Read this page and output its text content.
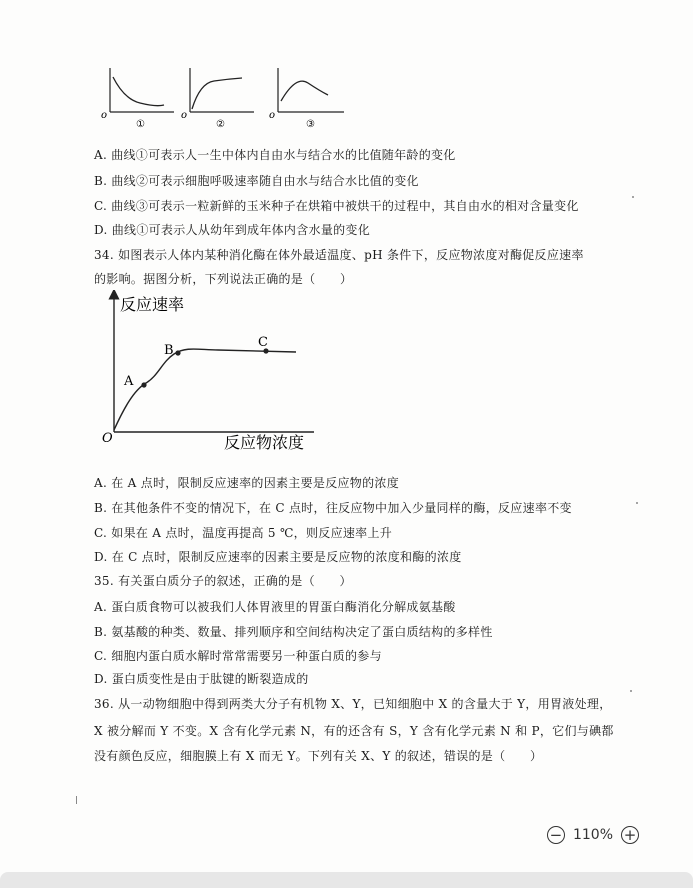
o
①
o
②
o
③
A. 曲线①可表示人一生中体内自由水与结合水的比值随年龄的变化
B. 曲线②可表示细胞呼吸速率随自由水与结合水比值的变化
C. 曲线③可表示一粒新鲜的玉米种子在烘箱中被烘干的过程中，其自由水的相对含量变化
D. 曲线①可表示人从幼年到成年体内含水量的变化
34. 如图表示人体内某种消化酶在体外最适温度、pH 条件下，反应物浓度对酶促反应速率
的影响。据图分析，下列说法正确的是（　　）
反应速率
反应物浓度
O
A
B
C
A. 在 A 点时，限制反应速率的因素主要是反应物的浓度
B. 在其他条件不变的情况下，在 C 点时，往反应物中加入少量同样的酶，反应速率不变
C. 如果在 A 点时，温度再提高 5 ℃，则反应速率上升
D. 在 C 点时，限制反应速率的因素主要是反应物的浓度和酶的浓度
35. 有关蛋白质分子的叙述，正确的是（　　）
A. 蛋白质食物可以被我们人体胃液里的胃蛋白酶消化分解成氨基酸
B. 氨基酸的种类、数量、排列顺序和空间结构决定了蛋白质结构的多样性
C. 细胞内蛋白质水解时常常需要另一种蛋白质的参与
D. 蛋白质变性是由于肽键的断裂造成的
36. 从一动物细胞中得到两类大分子有机物 X、Y，已知细胞中 X 的含量大于 Y，用胃液处理，
X 被分解而 Y 不变。X 含有化学元素 N，有的还含有 S，Y 含有化学元素 N 和 P，它们与碘都
没有颜色反应，细胞膜上有 X 而无 Y。下列有关 X、Y 的叙述，错误的是（　　）
− 110% +
